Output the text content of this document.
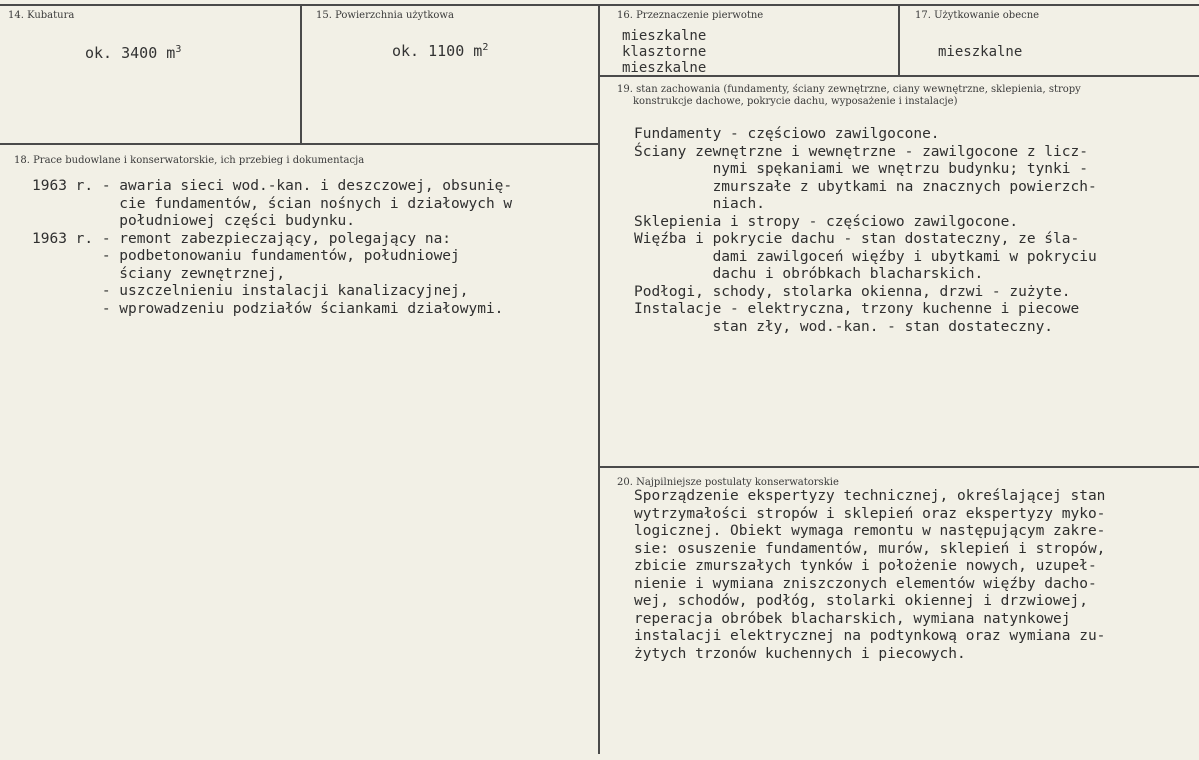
14. Kubatura
ok. 3400 $m^3$
15. Powierzchnia użytkowa
ok. 1100 $m^2$
16. Przeznaczenie pierwotne
mieszkalne
klasztorne
mieszkalne
17. Użytkowanie obecne
mieszkalne
19. stan zachowania (fundamenty, ściany zewnętrzne, ciany wewnętrzne, sklepienia, stropy
konstrukcje dachowe, pokrycie dachu, wyposażenie i instalacje)
Fundamenty - częściowo zawilgocone.
Ściany zewnętrzne i wewnętrzne - zawilgocone z licz-
nymi spękaniami we wnętrzu budynku; tynki -
zmurszałe z ubytkami na znacznych powierzch-
niach.
Sklepienia i stropy - częściowo zawilgocone.
Więźba i pokrycie dachu - stan dostateczny, ze śla-
dami zawilgoceń więźby i ubytkami w pokryciu
dachu i obróbkach blacharskich.
Podłogi, schody, stolarka okienna, drzwi - zużyte.
Instalacje - elektryczna, trzony kuchenne i piecowe
stan zły, wod.-kan. - stan dostateczny.
18. Prace budowlane i konserwatorskie, ich przebieg i dokumentacja
1963 r. - awaria sieci wod.-kan. i deszczowej, obsunię-
cie fundamentów, ścian nośnych i działowych w
południowej części budynku.
1963 r. - remont zabezpieczający, polegający na:
- podbetonowaniu fundamentów, południowej
ściany zewnętrznej,
- uszczelnieniu instalacji kanalizacyjnej,
- wprowadzeniu podziałów ściankami działowymi.
20. Najpilniejsze postulaty konserwatorskie
Sporządzenie ekspertyzy technicznej, określającej stan
wytrzymałości stropów i sklepień oraz ekspertyzy myko-
logicznej. Obiekt wymaga remontu w następującym zakre-
sie: osuszenie fundamentów, murów, sklepień i stropów,
zbicie zmurszałych tynków i położenie nowych, uzupeł-
nienie i wymiana zniszczonych elementów więźby dacho-
wej, schodów, podłóg, stolarki okiennej i drzwiowej,
reperacja obróbek blacharskich, wymiana natynkowej
instalacji elektrycznej na podtynkową oraz wymiana zu-
żytych trzonów kuchennych i piecowych.
